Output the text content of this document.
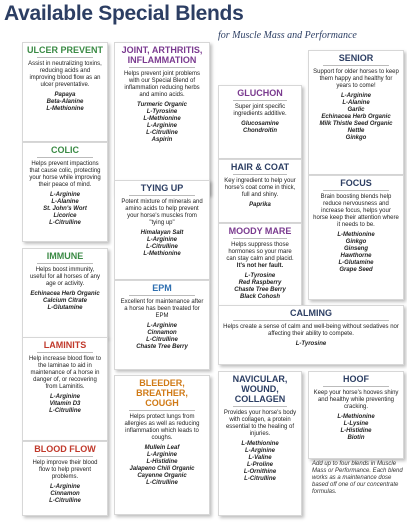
Available Special Blends
for Muscle Mass and Performance
ULCER PREVENT
Assist in neutralizing toxins, reducing acids and improving blood flow as an ulcer preventative.
Papaya
Beta-Alanine
L-Methionine
COLIC
Helps prevent impactions that cause colic, protecting your horse while improving their peace of mind.
L-Arginine
L-Alanine
St. John's Wort
Licorice
L-Citrulline
IMMUNE
Helps boost immunity, useful for all horses of any age or activity.
Echinacea Herb Organic
Calcium Citrate
L-Glutamine
LAMINITS
Help increase blood flow to the laminae to aid in maintenance of a horse in danger of, or recovering from Laminitis.
L-Arginine
Vitamin D3
L-Citrulline
BLOOD FLOW
Help improve their blood flow to help prevent problems.
L-Arginine
Cinnamon
L-Citrulline
JOINT, ARTHRITIS, INFLAMMATION
Helps prevent joint problems with our Special Blend of inflammation reducing herbs and amino acids.
Turmeric Organic
L-Tyrosine
L-Methionine
L-Arginine
L-Citrulline
Aspirin
TYING UP
Potent mixture of minerals and amino acids to help prevent your horse's muscles from "tying up"
Himalayan Salt
L-Arginine
L-Citrulline
L-Methionine
EPM
Excellent for maintenance after a horse has been treated for EPM
L-Arginine
Cinnamon
L-Citrulline
Chaste Tree Berry
BLEEDER, BREATHER, COUGH
Helps protect lungs from allergies as well as reducing inflammation which leads to coughs.
Mullein Leaf
L-Arginine
L-Histidine
Jalapeno Chili Organic
Cayenne Organic
L-Citrulline
GLUCHON
Super joint specific ingredients additive.
Glucosamine
Chondroitin
HAIR & COAT
Key ingredient to help your horse's coat come in thick, full and shiny.
Paprika
MOODY MARE
Helps suppress those hormones so your mare can stay calm and placid. It's not her fault.
L-Tyrosine
Red Raspberry
Chaste Tree Berry
Black Cohosh
NAVICULAR, WOUND, COLLAGEN
Provides your horse's body with collagen, a protein essential to the healing of injuries.
L-Methionine
L-Arginine
L-Valine
L-Proline
L-Ornithine
L-Citrulline
SENIOR
Support for older horses to keep them happy and healthy for years to come!
L-Arginine
L-Alanine
Garlic
Echinacea Herb Organic
Milk Thistle Seed Organic
Nettle
Ginkgo
FOCUS
Brain boosting blends help reduce nervousness and increase focus, helps your horse keep their attention where it needs to be.
L-Methionine
Ginkgo
Ginseng
Hawthorne
L-Glutamine
Grape Seed
HOOF
Keep your horse's hooves shiny and healthy while preventing cracking.
L-Methionine
L-Lysine
L-Histidine
Biotin
CALMING
Helps create a sense of calm and well-being without sedatives nor affecting their ability to compete.
L-Tyrosine
Add up to four blends in Muscle Mass or Performance. Each blend works as a maintenance dose based off one of our concentrate formulas.
